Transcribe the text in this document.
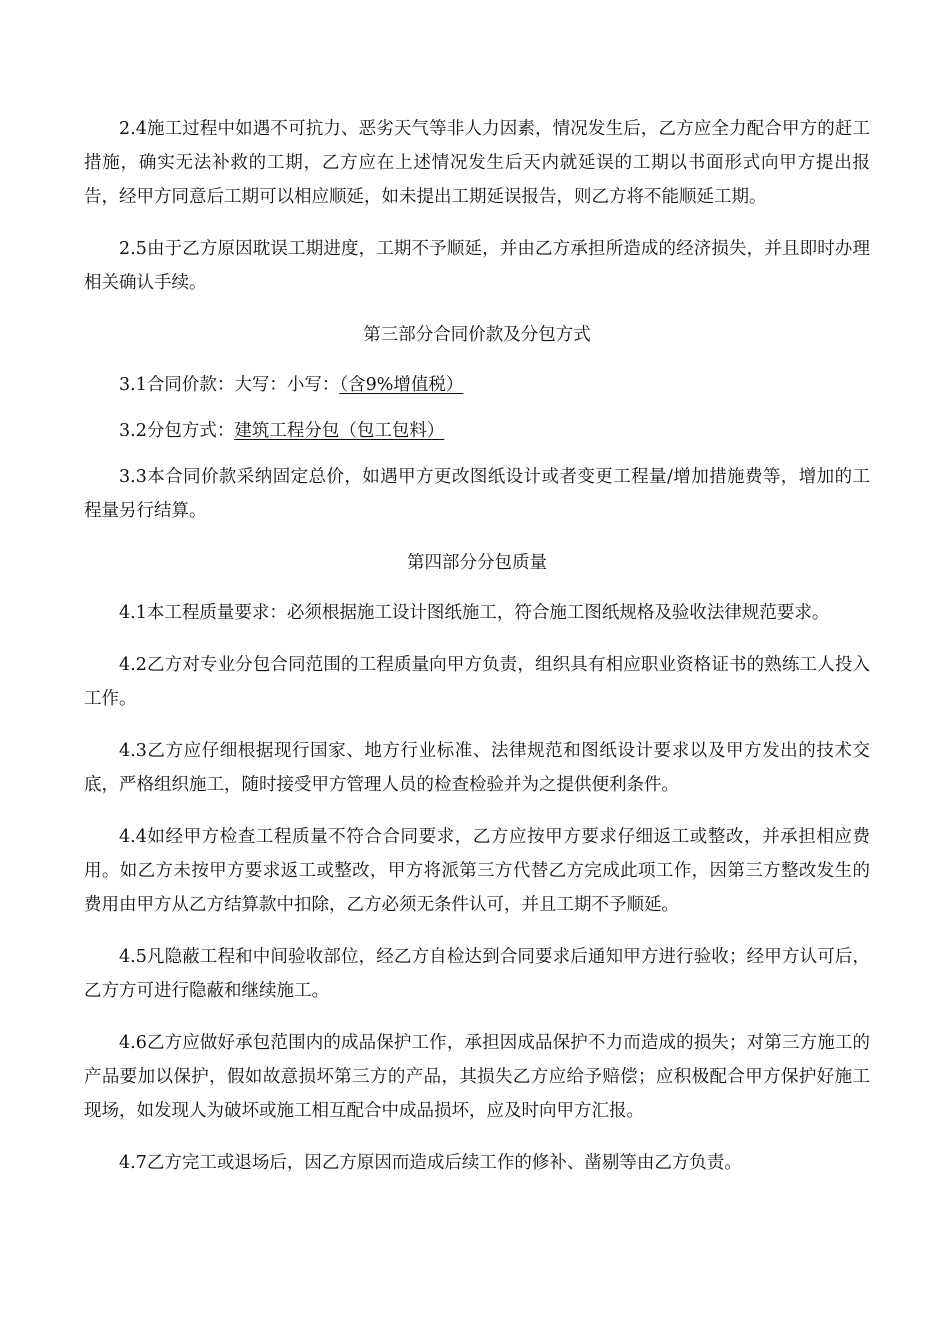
2.4施工过程中如遇不可抗力、恶劣天气等非人力因素，情况发生后，乙方应全力配合甲方的赶工措施，确实无法补救的工期，乙方应在上述情况发生后天内就延误的工期以书面形式向甲方提出报告，经甲方同意后工期可以相应顺延，如未提出工期延误报告，则乙方将不能顺延工期。

2.5由于乙方原因耽误工期进度，工期不予顺延，并由乙方承担所造成的经济损失，并且即时办理相关确认手续。

第三部分合同价款及分包方式

3.1合同价款：大写：小写：（含9%增值税）

3.2分包方式：建筑工程分包（包工包料）

3.3本合同价款采纳固定总价，如遇甲方更改图纸设计或者变更工程量/增加措施费等，增加的工程量另行结算。

第四部分分包质量

4.1本工程质量要求：必须根据施工设计图纸施工，符合施工图纸规格及验收法律规范要求。

4.2乙方对专业分包合同范围的工程质量向甲方负责，组织具有相应职业资格证书的熟练工人投入工作。

4.3乙方应仔细根据现行国家、地方行业标准、法律规范和图纸设计要求以及甲方发出的技术交底，严格组织施工，随时接受甲方管理人员的检查检验并为之提供便利条件。

4.4如经甲方检查工程质量不符合合同要求，乙方应按甲方要求仔细返工或整改，并承担相应费用。如乙方未按甲方要求返工或整改，甲方将派第三方代替乙方完成此项工作，因第三方整改发生的费用由甲方从乙方结算款中扣除，乙方必须无条件认可，并且工期不予顺延。

4.5凡隐蔽工程和中间验收部位，经乙方自检达到合同要求后通知甲方进行验收；经甲方认可后，乙方方可进行隐蔽和继续施工。

4.6乙方应做好承包范围内的成品保护工作，承担因成品保护不力而造成的损失；对第三方施工的产品要加以保护，假如故意损坏第三方的产品，其损失乙方应给予赔偿；应积极配合甲方保护好施工现场，如发现人为破坏或施工相互配合中成品损坏，应及时向甲方汇报。

4.7乙方完工或退场后，因乙方原因而造成后续工作的修补、凿剔等由乙方负责。
